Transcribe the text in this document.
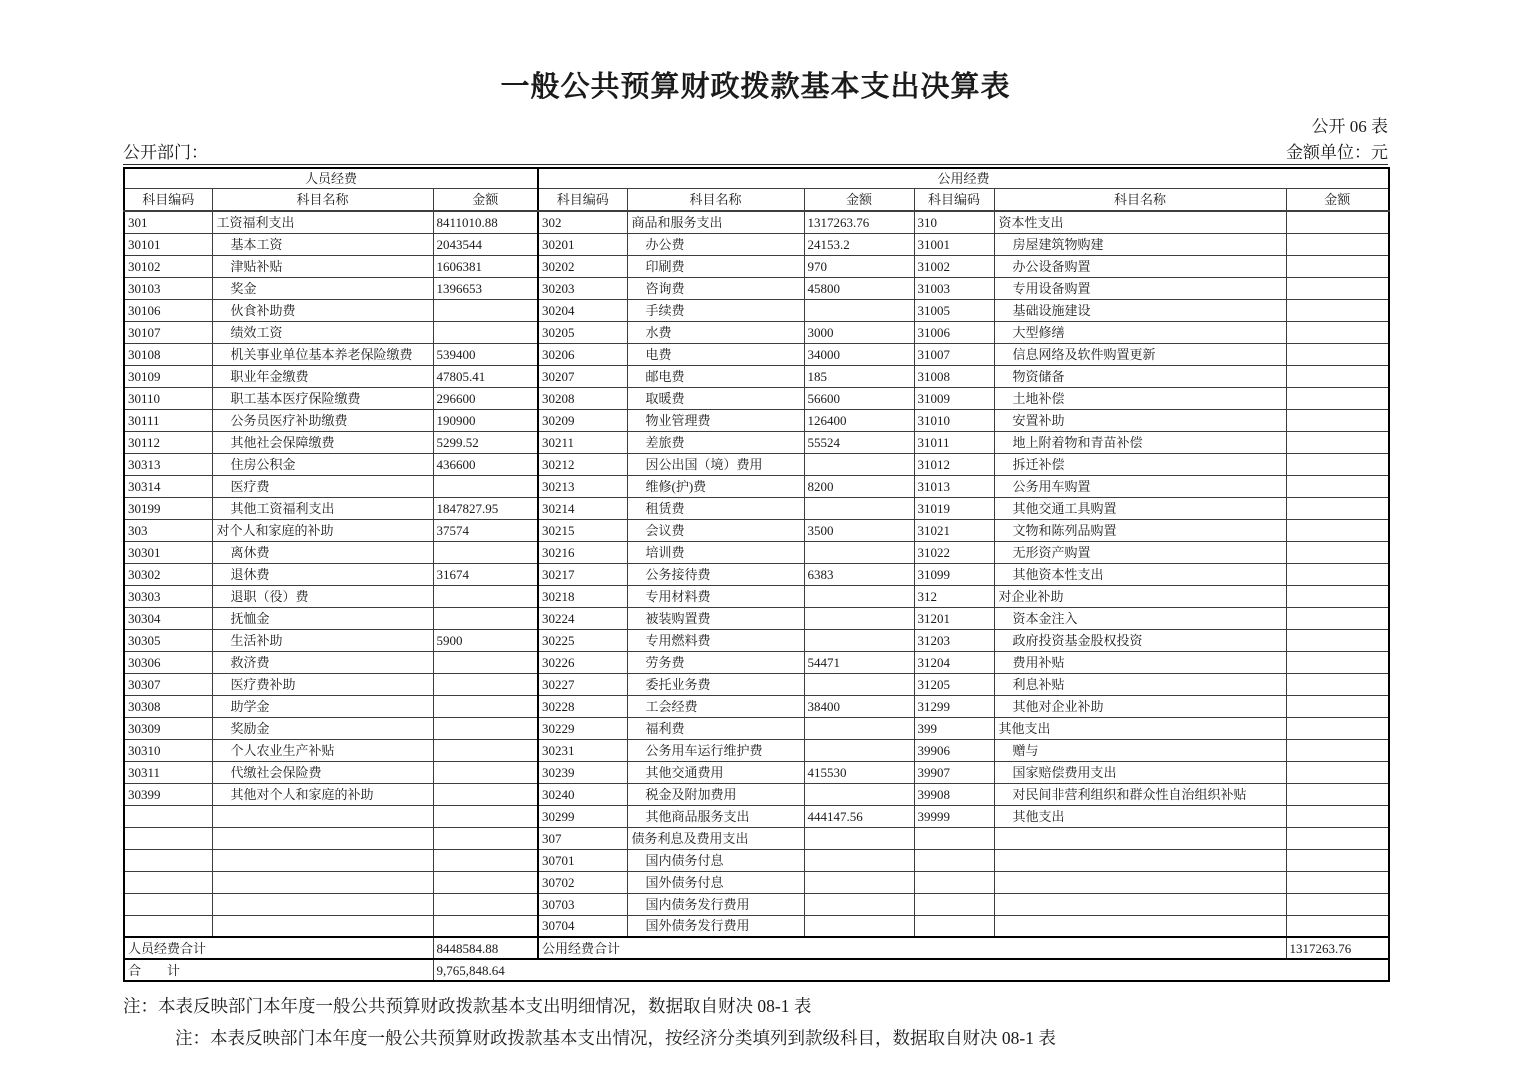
一般公共预算财政拨款基本支出决算表
公开 06 表
公开部门：	金额单位：元
人员经费			公用经费					
科目编码	科目名称	金额	科目编码	科目名称	金额	科目编码	科目名称	金额
301	工资福利支出	8411010.88	302	商品和服务支出	1317263.76	310	资本性支出	
30101	基本工资	2043544	30201	办公费	24153.2	31001	房屋建筑物购建	
30102	津贴补贴	1606381	30202	印刷费	970	31002	办公设备购置	
30103	奖金	1396653	30203	咨询费	45800	31003	专用设备购置	
30106	伙食补助费		30204	手续费		31005	基础设施建设	
30107	绩效工资		30205	水费	3000	31006	大型修缮	
30108	机关事业单位基本养老保险缴费	539400	30206	电费	34000	31007	信息网络及软件购置更新	
30109	职业年金缴费	47805.41	30207	邮电费	185	31008	物资储备	
30110	职工基本医疗保险缴费	296600	30208	取暖费	56600	31009	土地补偿	
30111	公务员医疗补助缴费	190900	30209	物业管理费	126400	31010	安置补助	
30112	其他社会保障缴费	5299.52	30211	差旅费	55524	31011	地上附着物和青苗补偿	
30313	住房公积金	436600	30212	因公出国（境）费用		31012	拆迁补偿	
30314	医疗费		30213	维修(护)费	8200	31013	公务用车购置	
30199	其他工资福利支出	1847827.95	30214	租赁费		31019	其他交通工具购置	
303	对个人和家庭的补助	37574	30215	会议费	3500	31021	文物和陈列品购置	
30301	离休费		30216	培训费		31022	无形资产购置	
30302	退休费	31674	30217	公务接待费	6383	31099	其他资本性支出	
30303	退职（役）费		30218	专用材料费		312	对企业补助	
30304	抚恤金		30224	被装购置费		31201	资本金注入	
30305	生活补助	5900	30225	专用燃料费		31203	政府投资基金股权投资	
30306	救济费		30226	劳务费	54471	31204	费用补贴	
30307	医疗费补助		30227	委托业务费		31205	利息补贴	
30308	助学金		30228	工会经费	38400	31299	其他对企业补助	
30309	奖励金		30229	福利费		399	其他支出	
30310	个人农业生产补贴		30231	公务用车运行维护费		39906	赠与	
30311	代缴社会保险费		30239	其他交通费用	415530	39907	国家赔偿费用支出	
30399	其他对个人和家庭的补助		30240	税金及附加费用		39908	对民间非营利组织和群众性自治组织补贴	
			30299	其他商品服务支出	444147.56	39999	其他支出	
			307	债务利息及费用支出				
			30701	国内债务付息				
			30702	国外债务付息				
			30703	国内债务发行费用				
			30704	国外债务发行费用				
人员经费合计		8448584.88	公用经费合计					1317263.76
合　　计		9,765,848.64						

注：本表反映部门本年度一般公共预算财政拨款基本支出明细情况，数据取自财决 08-1 表

注：本表反映部门本年度一般公共预算财政拨款基本支出情况，按经济分类填列到款级科目，数据取自财决 08-1 表
